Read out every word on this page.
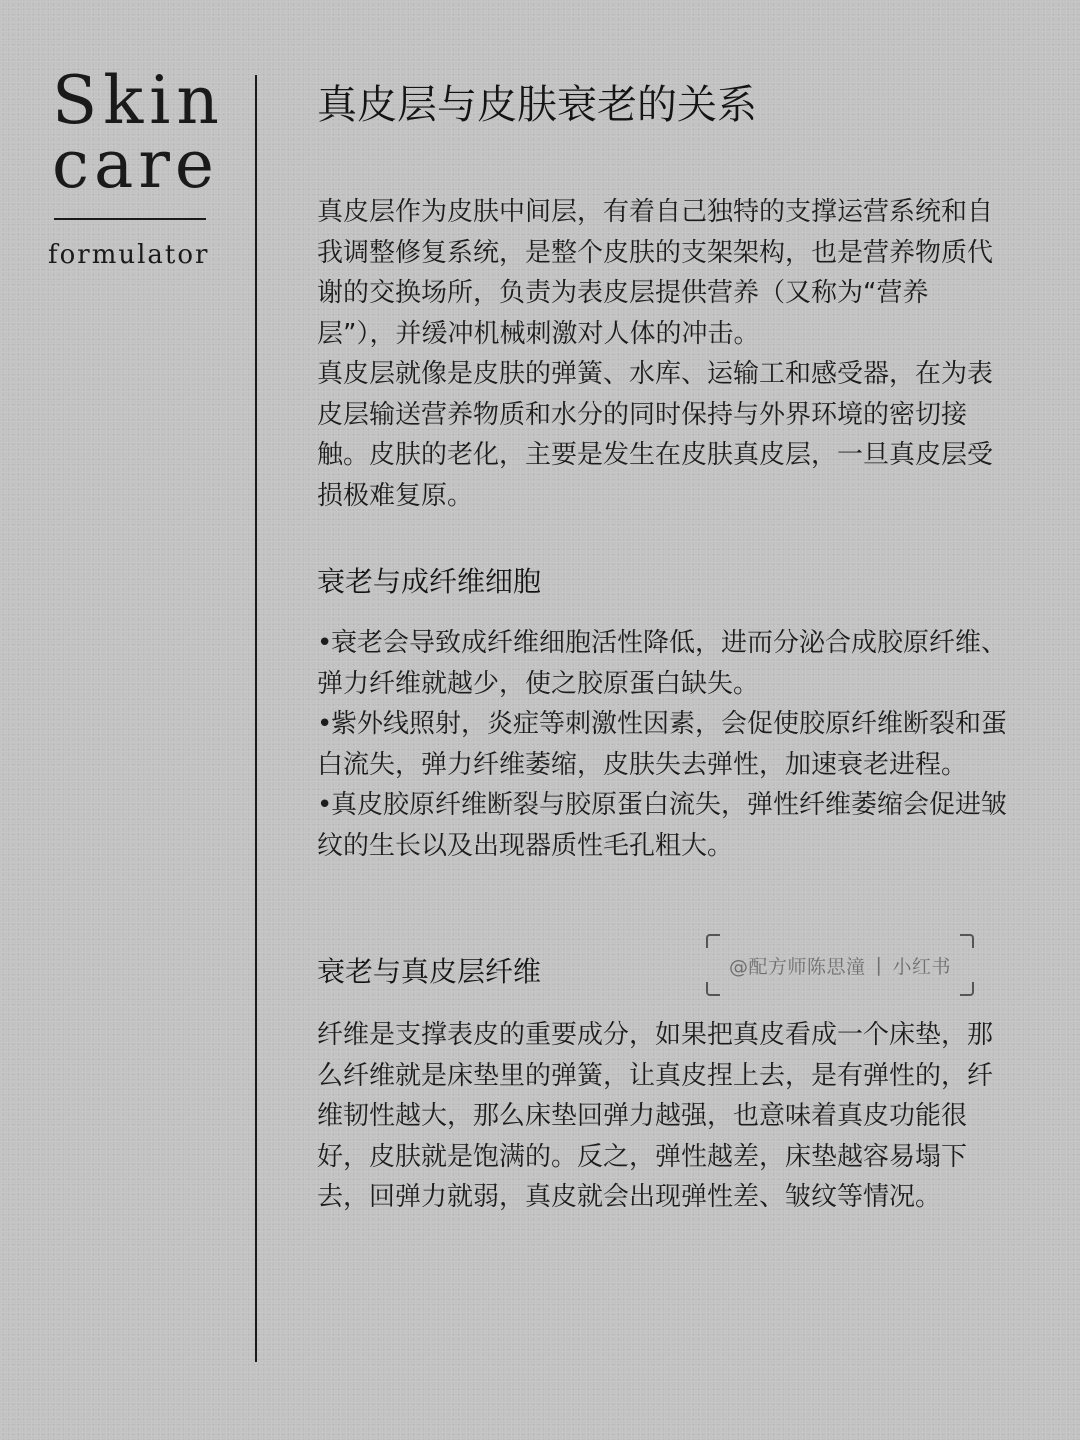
Skin
care
formulator
真皮层与皮肤衰老的关系

真皮层作为皮肤中间层，有着自己独特的支撑运营系统和自我调整修复系统，是整个皮肤的支架架构，也是营养物质代谢的交换场所，负责为表皮层提供营养（又称为“营养层”），并缓冲机械刺激对人体的冲击。

真皮层就像是皮肤的弹簧、水库、运输工和感受器，在为表皮层输送营养物质和水分的同时保持与外界环境的密切接触。皮肤的老化，主要是发生在皮肤真皮层，一旦真皮层受损极难复原。

衰老与成纤维细胞
•衰老会导致成纤维细胞活性降低，进而分泌合成胶原纤维、弹力纤维就越少，使之胶原蛋白缺失。
•紫外线照射，炎症等刺激性因素，会促使胶原纤维断裂和蛋白流失，弹力纤维萎缩，皮肤失去弹性，加速衰老进程。
•真皮胶原纤维断裂与胶原蛋白流失，弹性纤维萎缩会促进皱纹的生长以及出现器质性毛孔粗大。
衰老与真皮层纤维

纤维是支撑表皮的重要成分，如果把真皮看成一个床垫，那么纤维就是床垫里的弹簧，让真皮捏上去，是有弹性的，纤维韧性越大，那么床垫回弹力越强，也意味着真皮功能很好，皮肤就是饱满的。反之，弹性越差，床垫越容易塌下去，回弹力就弱，真皮就会出现弹性差、皱纹等情况。

@配方师陈思潼 | 小红书
